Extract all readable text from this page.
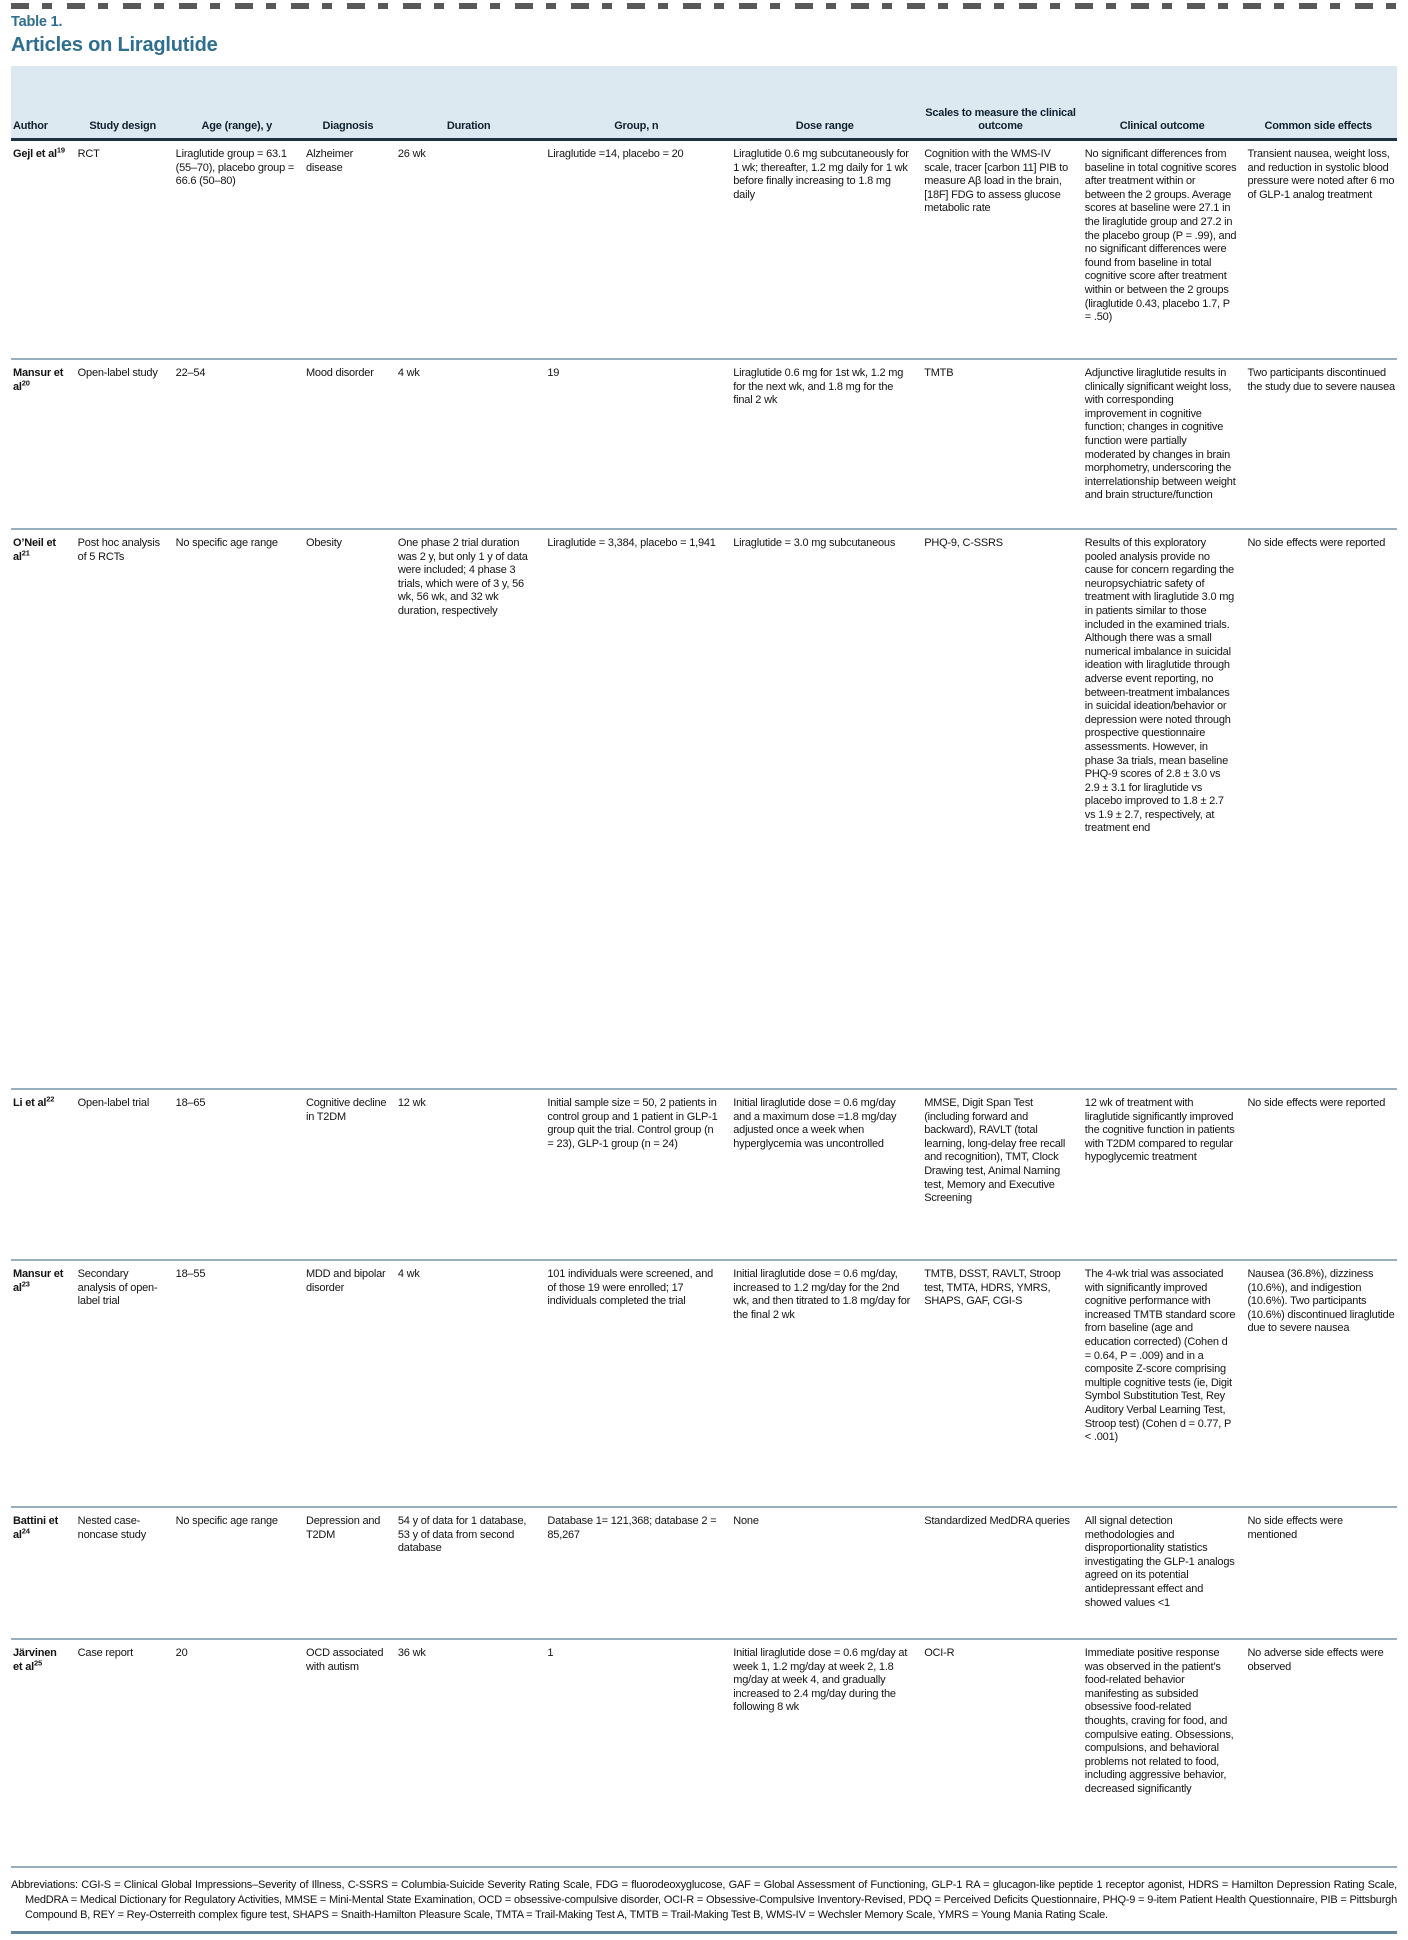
Table 1.
Articles on Liraglutide
Author	Study design	Age (range), y	Diagnosis	Duration	Group, n	Dose range	Scales to measure the clinical outcome	Clinical outcome	Common side effects
Gejl et $al^{19}$	RCT	Liraglutide group = 63.1 (55–70), placebo group = 66.6 (50–80)	Alzheimer disease	26 wk	Liraglutide =14, placebo = 20	Liraglutide 0.6 mg subcutaneously for 1 wk; thereafter, 1.2 mg daily for 1 wk before finally increasing to 1.8 mg daily	Cognition with the WMS-IV scale, tracer [carbon 11] PIB to measure Aβ load in the brain, [18F] FDG to assess glucose metabolic rate	No significant differences from baseline in total cognitive scores after treatment within or between the 2 groups. Average scores at baseline were 27.1 in the liraglutide group and 27.2 in the placebo group (P = .99), and no significant differences were found from baseline in total cognitive score after treatment within or between the 2 groups (liraglutide 0.43, placebo 1.7, P = .50)	Transient nausea, weight loss, and reduction in systolic blood pressure were noted after 6 mo of GLP-1 analog treatment
Mansur et $al^{20}$	Open-label study	22–54	Mood disorder	4 wk	19	Liraglutide 0.6 mg for 1st wk, 1.2 mg for the next wk, and 1.8 mg for the final 2 wk	TMTB	Adjunctive liraglutide results in clinically significant weight loss, with corresponding improvement in cognitive function; changes in cognitive function were partially moderated by changes in brain morphometry, underscoring the interrelationship between weight and brain structure/function	Two participants discontinued the study due to severe nausea
O’Neil et $al^{21}$	Post hoc analysis of 5 RCTs	No specific age range	Obesity	One phase 2 trial duration was 2 y, but only 1 y of data were included; 4 phase 3 trials, which were of 3 y, 56 wk, 56 wk, and 32 wk duration, respectively	Liraglutide = 3,384, placebo = 1,941	Liraglutide = 3.0 mg subcutaneous	PHQ-9, C-SSRS	Results of this exploratory pooled analysis provide no cause for concern regarding the neuropsychiatric safety of treatment with liraglutide 3.0 mg in patients similar to those included in the examined trials. Although there was a small numerical imbalance in suicidal ideation with liraglutide through adverse event reporting, no between-treatment imbalances in suicidal ideation/behavior or depression were noted through prospective questionnaire assessments. However, in phase 3a trials, mean baseline PHQ-9 scores of 2.8 ± 3.0 vs 2.9 ± 3.1 for liraglutide vs placebo improved to 1.8 ± 2.7 vs 1.9 ± 2.7, respectively, at treatment end	No side effects were reported
Li et $al^{22}$	Open-label trial	18–65	Cognitive decline in T2DM	12 wk	Initial sample size = 50, 2 patients in control group and 1 patient in GLP-1 group quit the trial. Control group (n = 23), GLP-1 group (n = 24)	Initial liraglutide dose = 0.6 mg/day and a maximum dose =1.8 mg/day adjusted once a week when hyperglycemia was uncontrolled	MMSE, Digit Span Test (including forward and backward), RAVLT (total learning, long-delay free recall and recognition), TMT, Clock Drawing test, Animal Naming test, Memory and Executive Screening	12 wk of treatment with liraglutide significantly improved the cognitive function in patients with T2DM compared to regular hypoglycemic treatment	No side effects were reported
Mansur et $al^{23}$	Secondary analysis of open-label trial	18–55	MDD and bipolar disorder	4 wk	101 individuals were screened, and of those 19 were enrolled; 17 individuals completed the trial	Initial liraglutide dose = 0.6 mg/day, increased to 1.2 mg/day for the 2nd wk, and then titrated to 1.8 mg/day for the final 2 wk	TMTB, DSST, RAVLT, Stroop test, TMTA, HDRS, YMRS, SHAPS, GAF, CGI-S	The 4-wk trial was associated with significantly improved cognitive performance with increased TMTB standard score from baseline (age and education corrected) (Cohen d = 0.64, P = .009) and in a composite Z-score comprising multiple cognitive tests (ie, Digit Symbol Substitution Test, Rey Auditory Verbal Learning Test, Stroop test) (Cohen d = 0.77, P < .001)	Nausea (36.8%), dizziness (10.6%), and indigestion (10.6%). Two participants (10.6%) discontinued liraglutide due to severe nausea
Battini et $al^{24}$	Nested case-noncase study	No specific age range	Depression and T2DM	54 y of data for 1 database, 53 y of data from second database	Database 1= 121,368; database 2 = 85,267	None	Standardized MedDRA queries	All signal detection methodologies and disproportionality statistics investigating the GLP-1 analogs agreed on its potential antidepressant effect and showed values <1	No side effects were mentioned
Järvinen et $al^{25}$	Case report	20	OCD associated with autism	36 wk	1	Initial liraglutide dose = 0.6 mg/day at week 1, 1.2 mg/day at week 2, 1.8 mg/day at week 4, and gradually increased to 2.4 mg/day during the following 8 wk	OCI-R	Immediate positive response was observed in the patient’s food-related behavior manifesting as subsided obsessive food-related thoughts, craving for food, and compulsive eating. Obsessions, compulsions, and behavioral problems not related to food, including aggressive behavior, decreased significantly	No adverse side effects were observed

Abbreviations: CGI-S = Clinical Global Impressions–Severity of Illness, C-SSRS = Columbia-Suicide Severity Rating Scale, FDG = fluorodeoxyglucose, GAF = Global Assessment of Functioning, GLP-1 RA = glucagon-like peptide 1 receptor agonist, HDRS = Hamilton Depression Rating Scale, MedDRA = Medical Dictionary for Regulatory Activities, MMSE = Mini-Mental State Examination, OCD = obsessive-compulsive disorder, OCI-R = Obsessive-Compulsive Inventory-Revised, PDQ = Perceived Deficits Questionnaire, PHQ-9 = 9-item Patient Health Questionnaire, PIB = Pittsburgh Compound B, REY = Rey-Osterreith complex figure test, SHAPS = Snaith-Hamilton Pleasure Scale, TMTA = Trail-Making Test A, TMTB = Trail-Making Test B, WMS-IV = Wechsler Memory Scale, YMRS = Young Mania Rating Scale.
